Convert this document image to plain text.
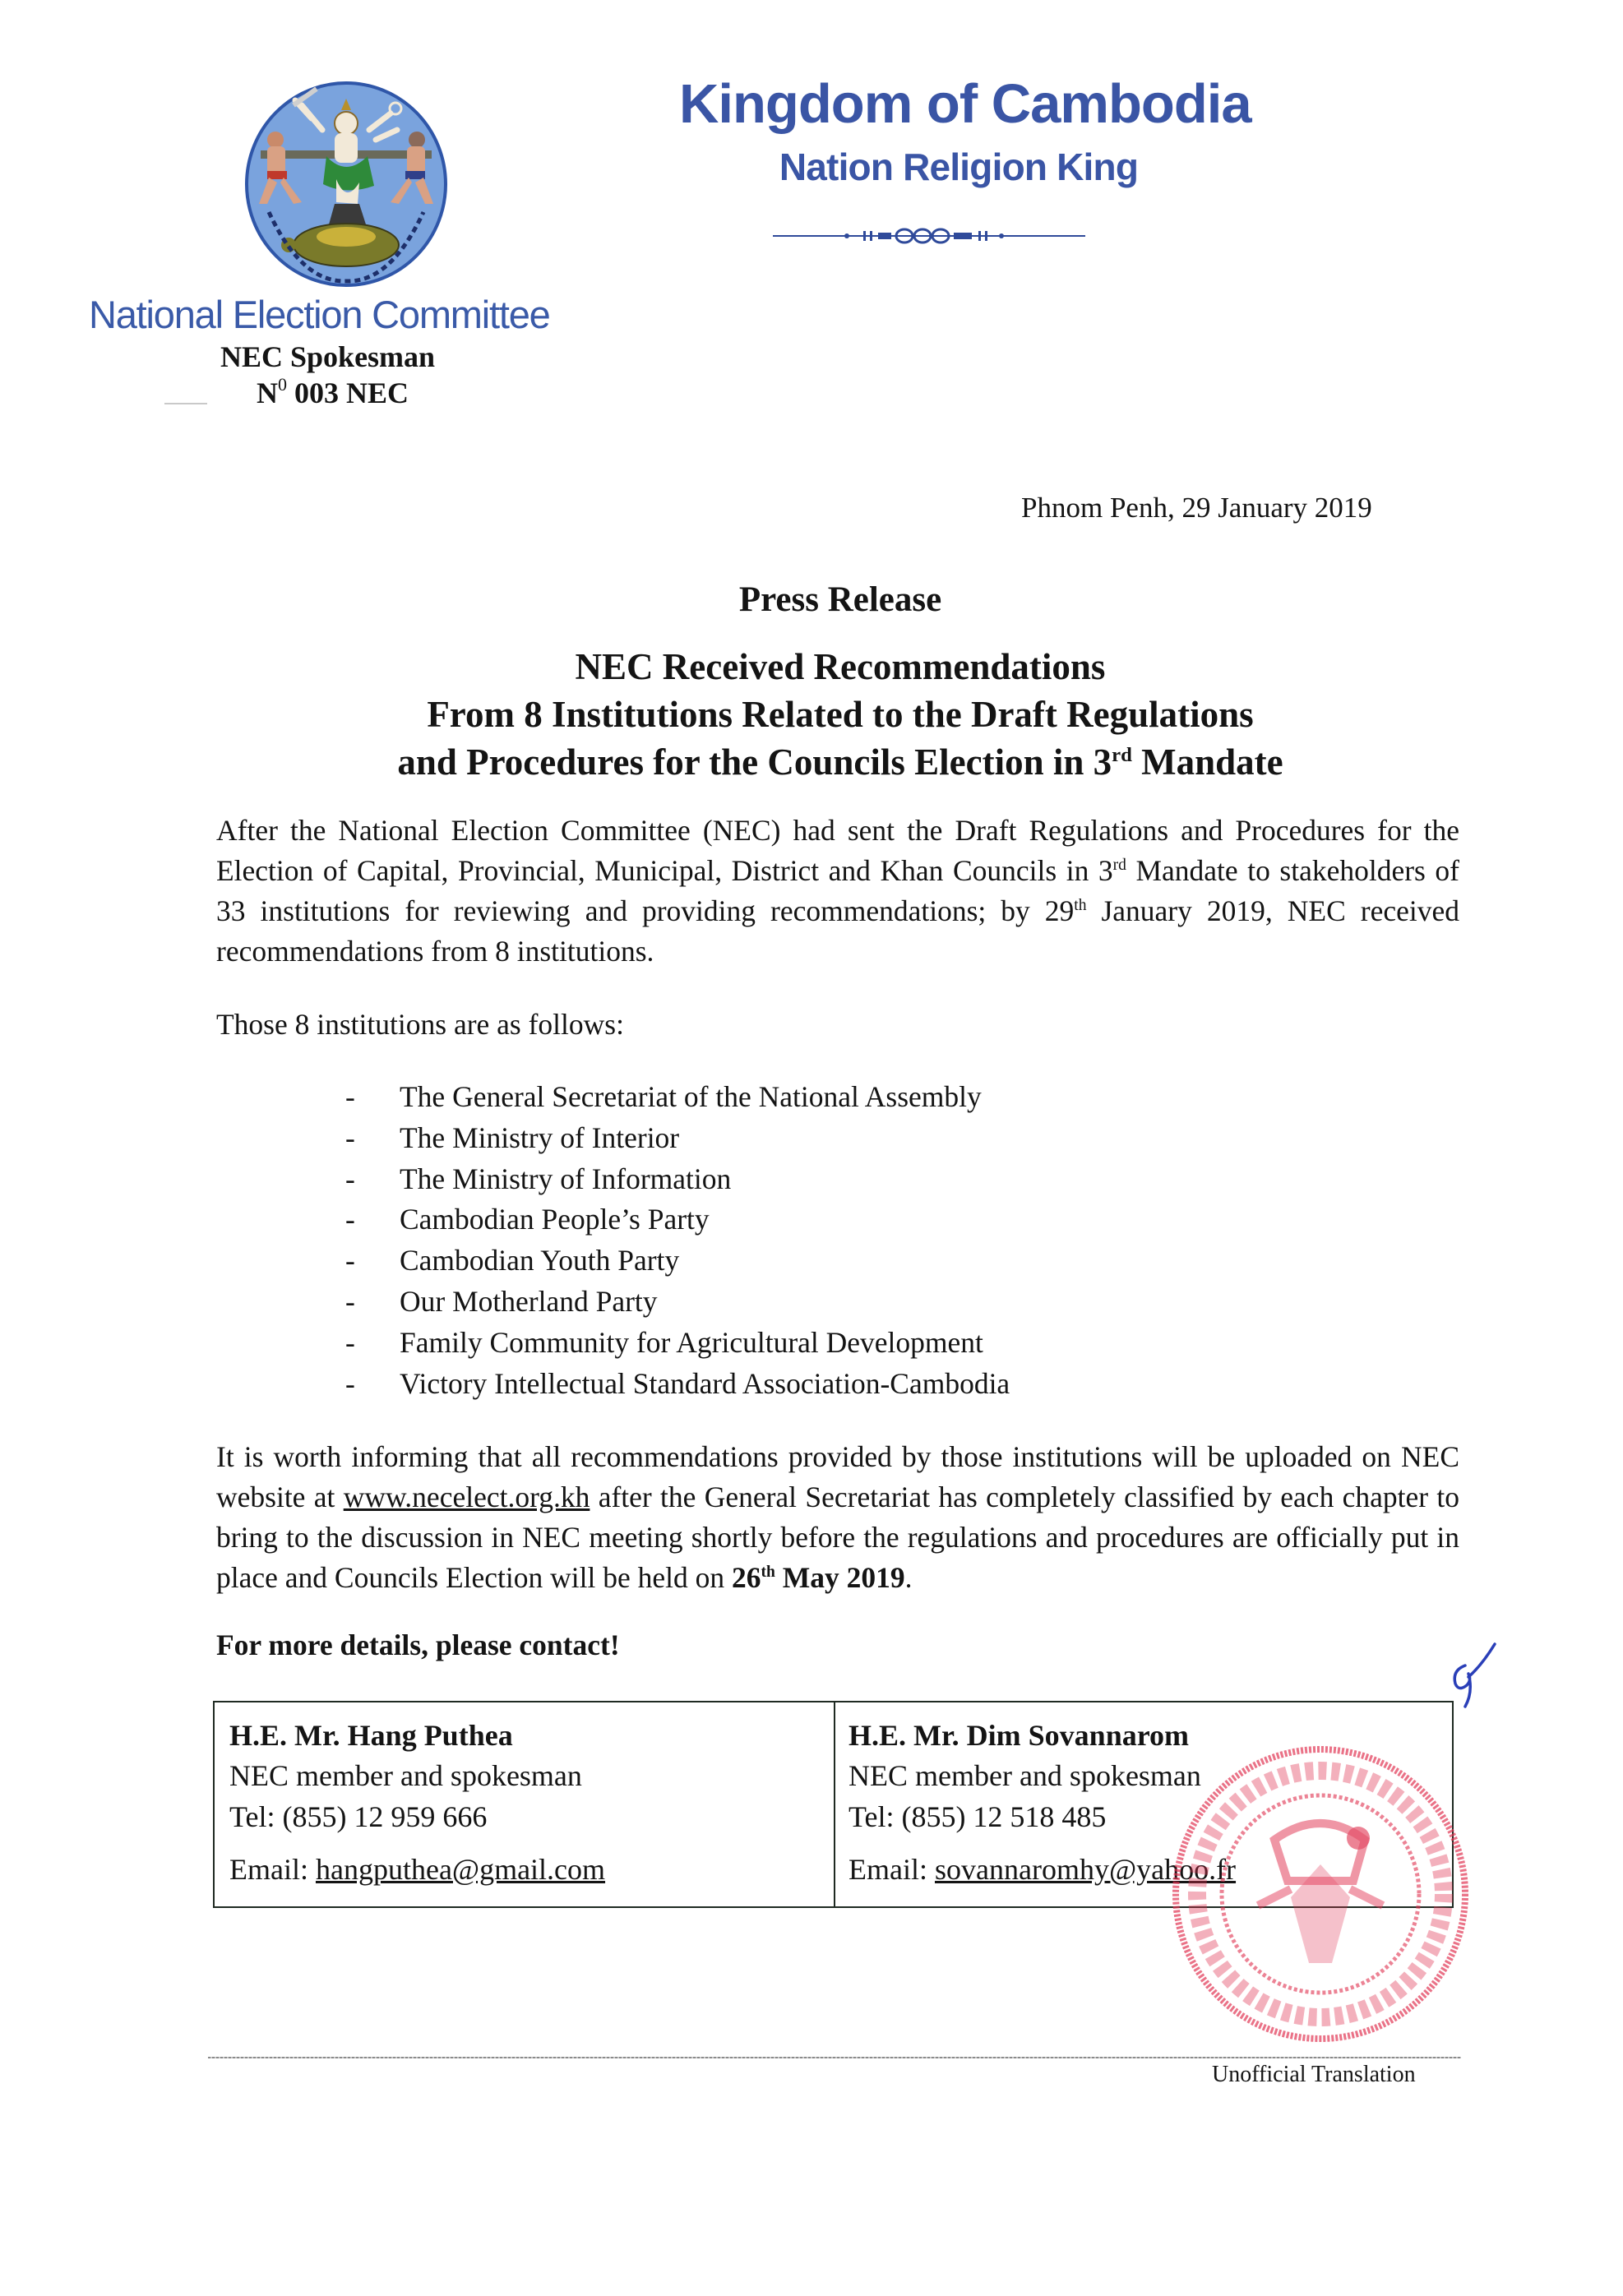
National Election Committee
NEC Spokesman
$N^0$ 003 NEC
Kingdom of Cambodia
Nation Religion King
Phnom Penh, 29 January 2019
Press Release
NEC Received Recommendations
From 8 Institutions Related to the Draft Regulations
and Procedures for the Councils Election in 3rd Mandate

After the National Election Committee (NEC) had sent the Draft Regulations and Procedures for the Election of Capital, Provincial, Municipal, District and Khan Councils in 3rd Mandate to stakeholders of 33 institutions for reviewing and providing recommendations; by 29th January 2019, NEC received recommendations from 8 institutions.

Those 8 institutions are as follows:

-	The General Secretariat of the National Assembly
-	The Ministry of Interior
-	The Ministry of Information
-	Cambodian People’s Party
-	Cambodian Youth Party
-	Our Motherland Party
-	Family Community for Agricultural Development
-	Victory Intellectual Standard Association-Cambodia

It is worth informing that all recommendations provided by those institutions will be uploaded on NEC website at www.necelect.org.kh after the General Secretariat has completely classified by each chapter to bring to the discussion in NEC meeting shortly before the regulations and procedures are officially put in place and Councils Election will be held on 26th May 2019.

For more details, please contact!
H.E. Mr. Hang Puthea
NEC member and spokesman
Tel: (855) 12 959 666
Email: hangputhea@gmail.com
H.E. Mr. Dim Sovannarom
NEC member and spokesman
Tel: (855) 12 518 485
Email: sovannaromhy@yahoo.fr
Unofficial Translation
